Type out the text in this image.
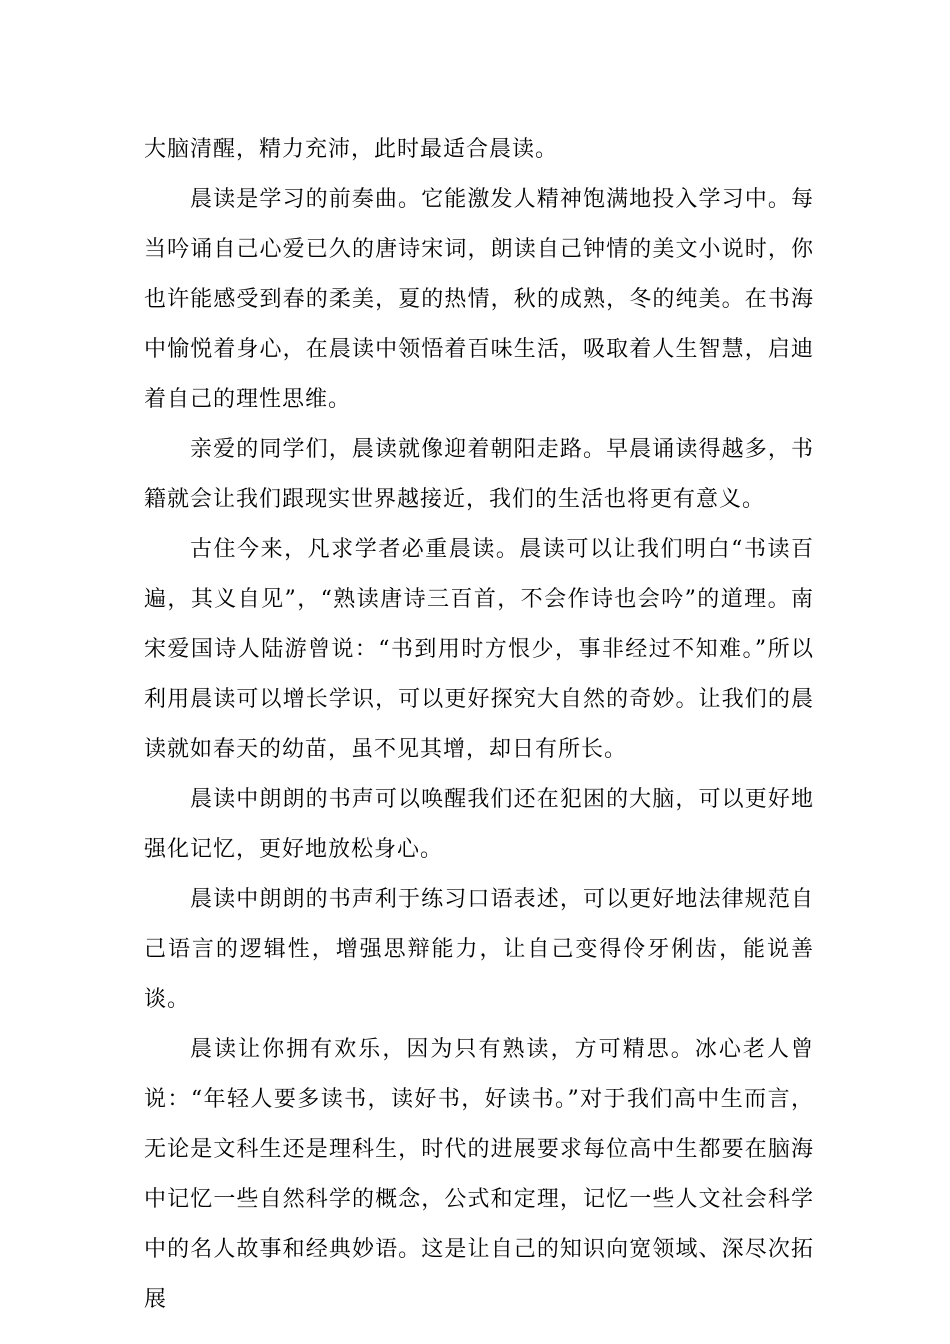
大脑清醒，精力充沛，此时最适合晨读。

晨读是学习的前奏曲。它能激发人精神饱满地投入学习中。每当吟诵自己心爱已久的唐诗宋词，朗读自己钟情的美文小说时，你也许能感受到春的柔美，夏的热情，秋的成熟，冬的纯美。在书海中愉悦着身心，在晨读中领悟着百味生活，吸取着人生智慧，启迪着自己的理性思维。

亲爱的同学们，晨读就像迎着朝阳走路。早晨诵读得越多，书籍就会让我们跟现实世界越接近，我们的生活也将更有意义。

古住今来，凡求学者必重晨读。晨读可以让我们明白“书读百遍，其义自见”，“熟读唐诗三百首，不会作诗也会吟”的道理。南宋爱国诗人陆游曾说：“书到用时方恨少，事非经过不知难。”所以利用晨读可以增长学识，可以更好探究大自然的奇妙。让我们的晨读就如春天的幼苗，虽不见其增，却日有所长。

晨读中朗朗的书声可以唤醒我们还在犯困的大脑，可以更好地强化记忆，更好地放松身心。

晨读中朗朗的书声利于练习口语表述，可以更好地法律规范自己语言的逻辑性，增强思辩能力，让自己变得伶牙俐齿，能说善谈。

晨读让你拥有欢乐，因为只有熟读，方可精思。冰心老人曾说：“年轻人要多读书，读好书，好读书。”对于我们高中生而言，无论是文科生还是理科生，时代的进展要求每位高中生都要在脑海中记忆一些自然科学的概念，公式和定理，记忆一些人文社会科学中的名人故事和经典妙语。这是让自己的知识向宽领域、深尽次拓展
